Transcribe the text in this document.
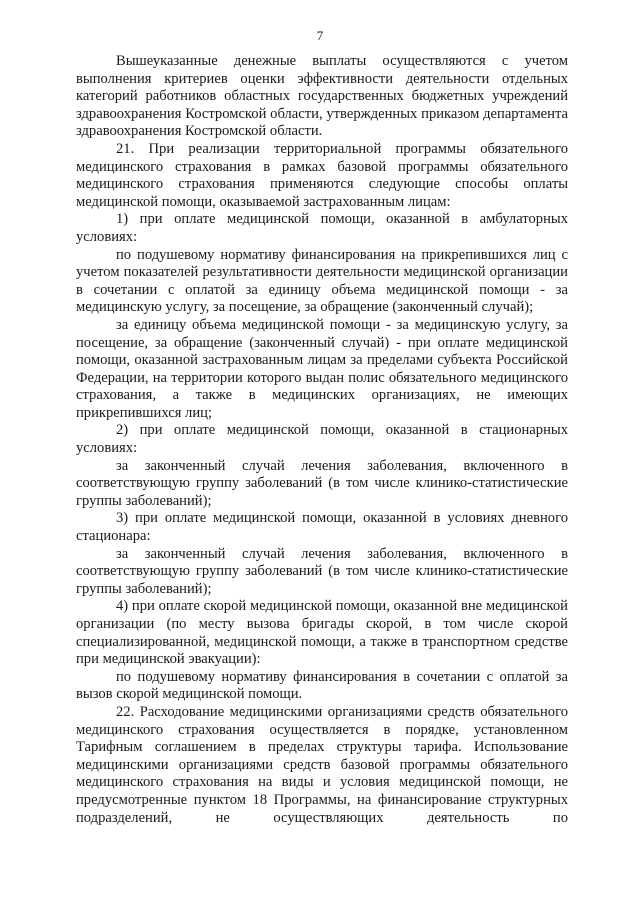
7

Вышеуказанные денежные выплаты осуществляются с учетом выполнения критериев оценки эффективности деятельности отдельных категорий работников областных государственных бюджетных учреждений здравоохранения Костромской области, утвержденных приказом департамента здравоохранения Костромской области.

21. При реализации территориальной программы обязательного медицинского страхования в рамках базовой программы обязательного медицинского страхования применяются следующие способы оплаты медицинской помощи, оказываемой застрахованным лицам:

1) при оплате медицинской помощи, оказанной в амбулаторных условиях:

по подушевому нормативу финансирования на прикрепившихся лиц с учетом показателей результативности деятельности медицинской организации в сочетании с оплатой за единицу объема медицинской помощи - за медицинскую услугу, за посещение, за обращение (законченный случай);

за единицу объема медицинской помощи - за медицинскую услугу, за посещение, за обращение (законченный случай) - при оплате медицинской помощи, оказанной застрахованным лицам за пределами субъекта Российской Федерации, на территории которого выдан полис обязательного медицинского страхования, а также в медицинских организациях, не имеющих прикрепившихся лиц;

2) при оплате медицинской помощи, оказанной в стационарных условиях:

за законченный случай лечения заболевания, включенного в соответствующую группу заболеваний (в том числе клинико-статистические группы заболеваний);

3) при оплате медицинской помощи, оказанной в условиях дневного стационара:

за законченный случай лечения заболевания, включенного в соответствующую группу заболеваний (в том числе клинико-статистические группы заболеваний);

4) при оплате скорой медицинской помощи, оказанной вне медицинской организации (по месту вызова бригады скорой, в том числе скорой специализированной, медицинской помощи, а также в транспортном средстве при медицинской эвакуации):

по подушевому нормативу финансирования в сочетании с оплатой за вызов скорой медицинской помощи.

22. Расходование медицинскими организациями средств обязательного медицинского страхования осуществляется в порядке, установленном Тарифным соглашением в пределах структуры тарифа. Использование медицинскими организациями средств базовой программы обязательного медицинского страхования на виды и условия медицинской помощи, не предусмотренные пунктом 18 Программы, на финансирование структурных подразделений, не осуществляющих деятельность по
